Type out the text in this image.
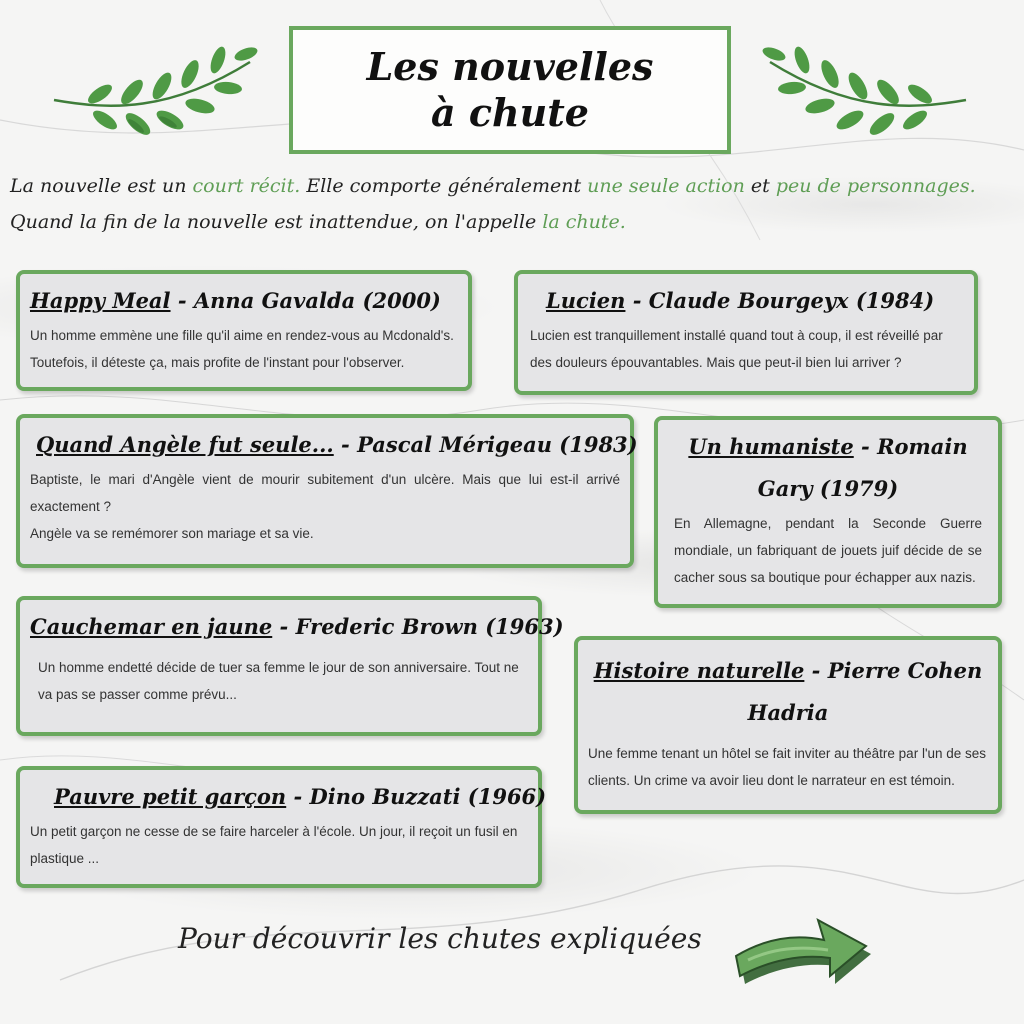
Les nouvelles
à chute
La nouvelle est un court récit. Elle comporte généralement une seule action et peu de personnages. Quand la fin de la nouvelle est inattendue, on l'appelle la chute.
Happy Meal - Anna Gavalda (2000)
Un homme emmène une fille qu'il aime en rendez-vous au Mcdonald's.
Toutefois, il déteste ça, mais profite de l'instant pour l'observer.
Lucien - Claude Bourgeyx (1984)
Lucien est tranquillement installé quand tout à coup, il est réveillé par des douleurs épouvantables. Mais que peut-il bien lui arriver ?
Quand Angèle fut seule... - Pascal Mérigeau (1983)
Baptiste, le mari d'Angèle vient de mourir subitement d'un ulcère. Mais que lui est-il arrivé exactement ?
Angèle va se remémorer son mariage et sa vie.
Un humaniste - Romain Gary (1979)
En Allemagne, pendant la Seconde Guerre mondiale, un fabriquant de jouets juif décide de se cacher sous sa boutique pour échapper aux nazis.
Cauchemar en jaune - Frederic Brown (1963)
Un homme endetté décide de tuer sa femme le jour de son anniversaire. Tout ne va pas se passer comme prévu...
Histoire naturelle - Pierre Cohen Hadria
Une femme tenant un hôtel se fait inviter au théâtre par l'un de ses clients. Un crime va avoir lieu dont le narrateur en est témoin.
Pauvre petit garçon - Dino Buzzati (1966)
Un petit garçon ne cesse de se faire harceler à l'école. Un jour, il reçoit un fusil en plastique ...
Pour découvrir les chutes expliquées
